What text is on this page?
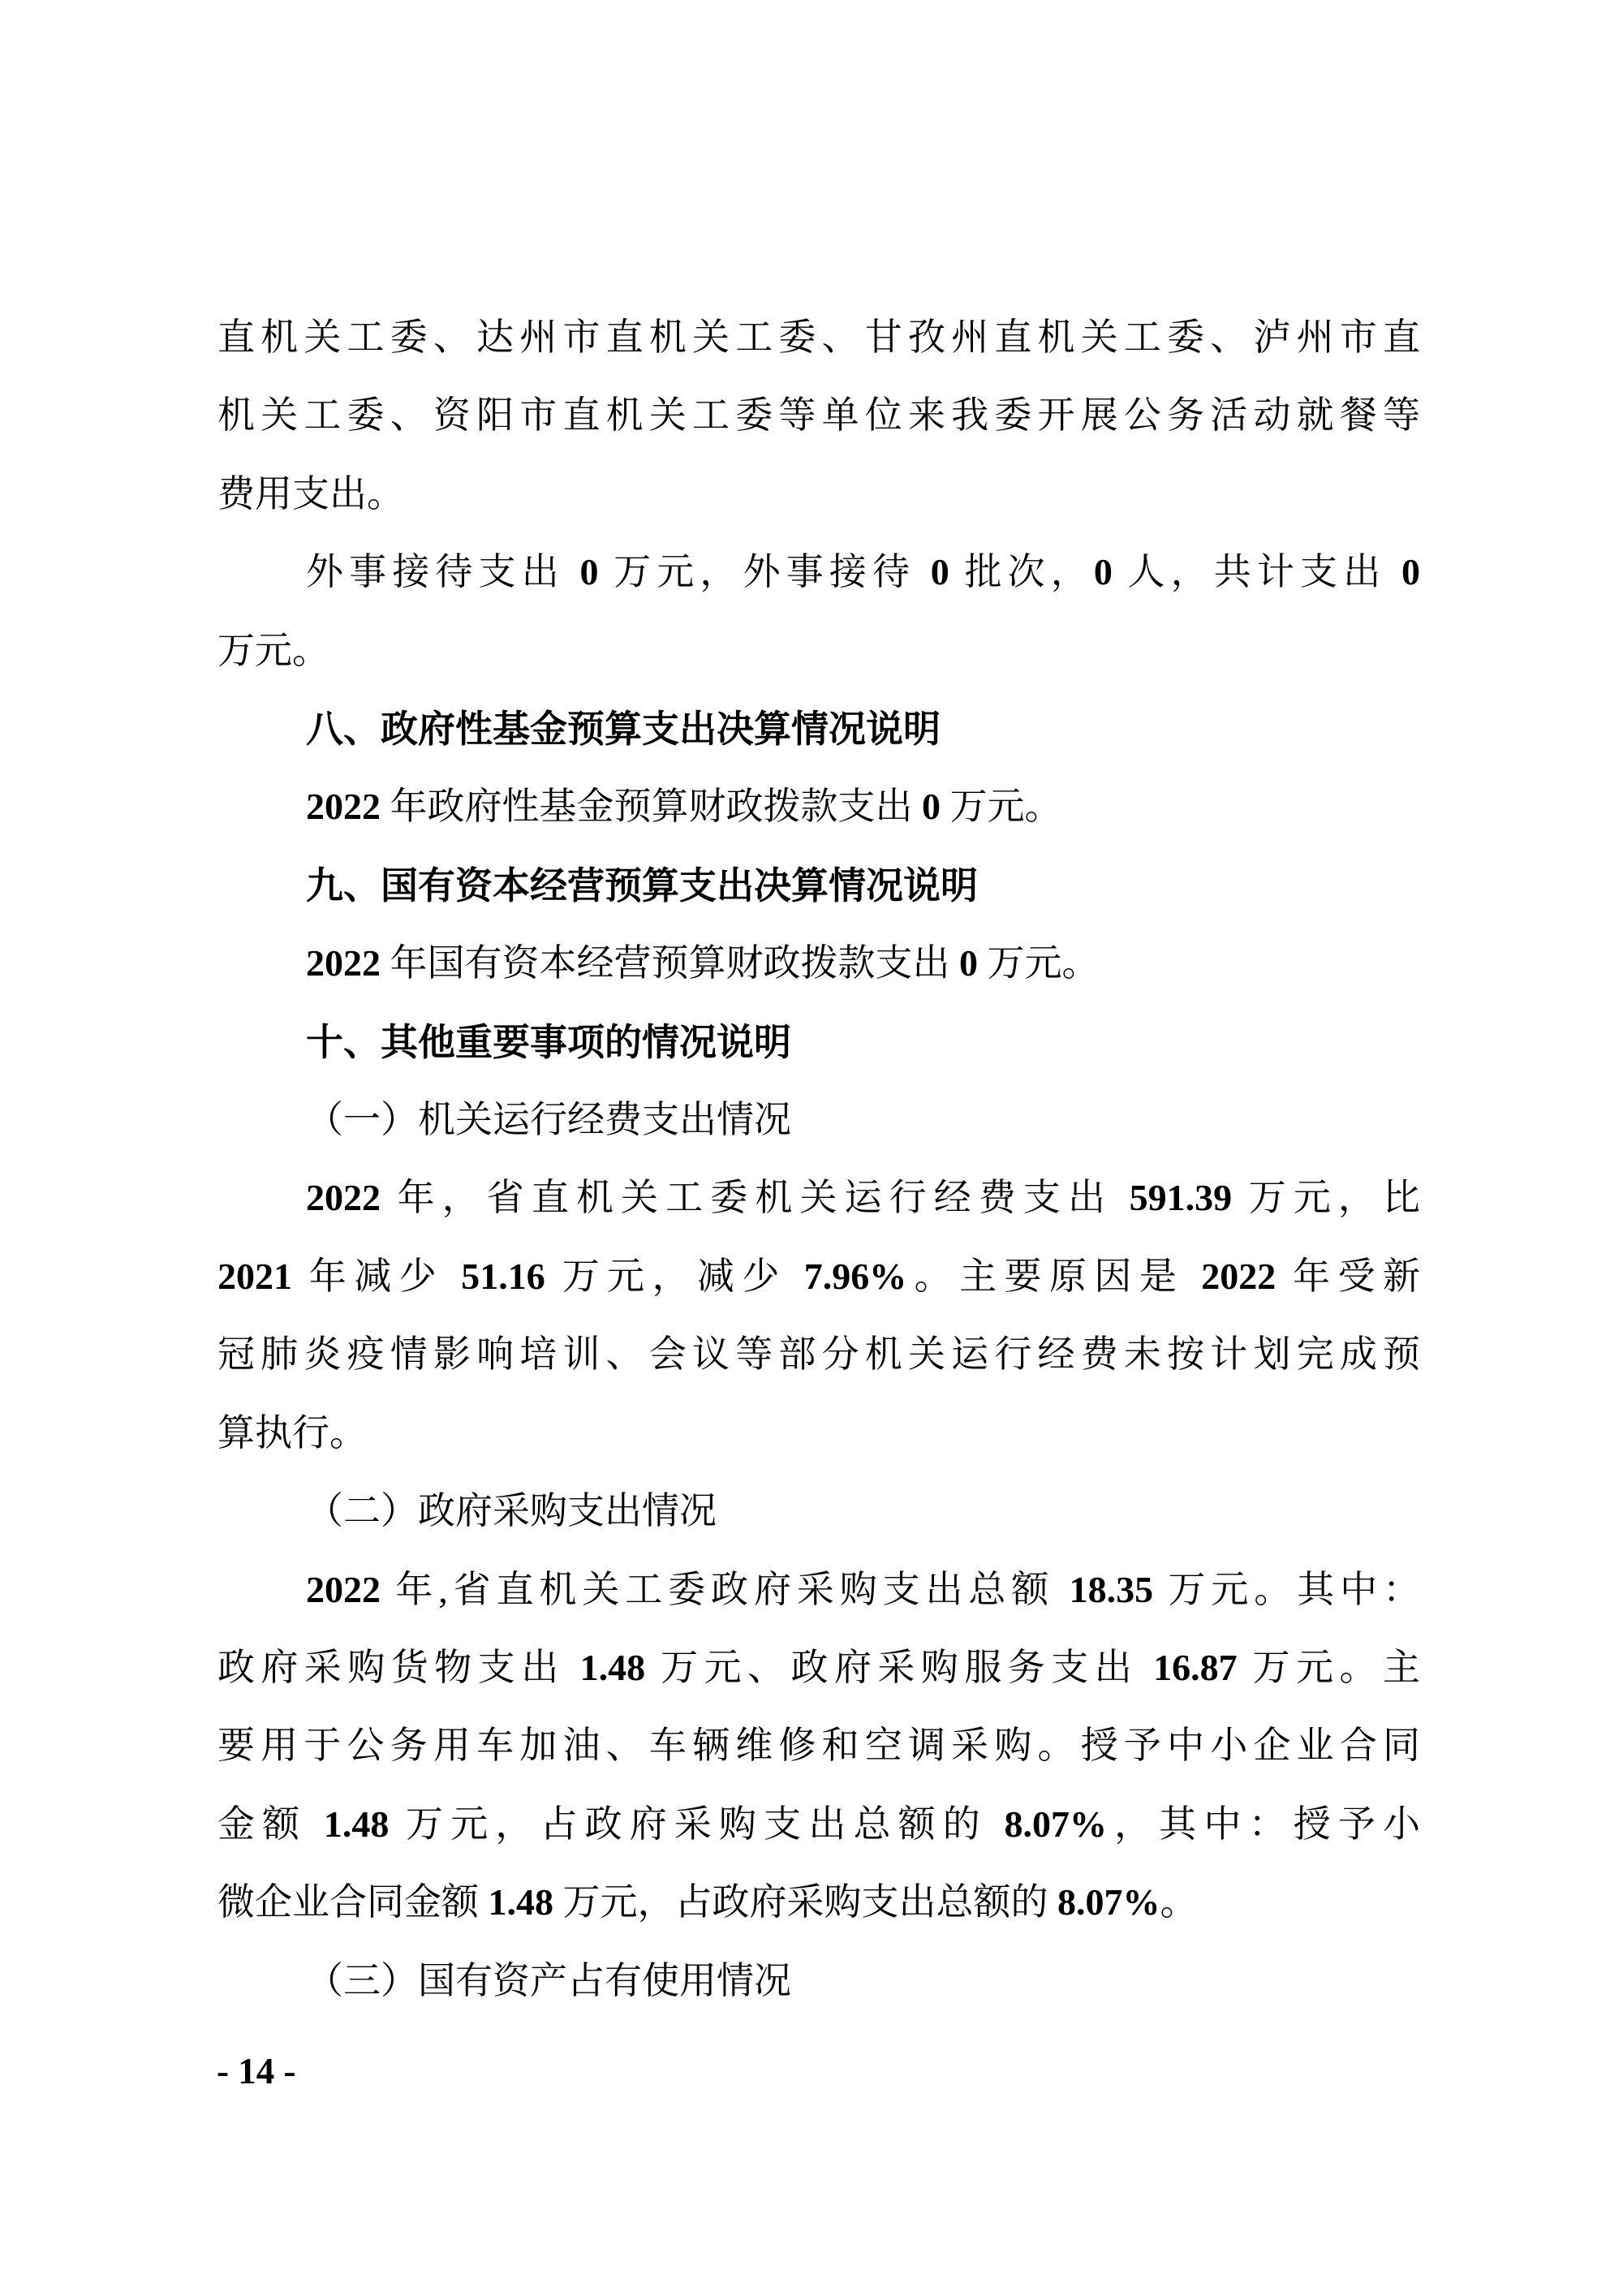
直机关工委、达州市直机关工委、甘孜州直机关工委、泸州市直
机关工委、资阳市直机关工委等单位来我委开展公务活动就餐等
费用支出。
外事接待支出 0 万元，外事接待 0 批次，0 人，共计支出 0
万元。
八、政府性基金预算支出决算情况说明
2022 年政府性基金预算财政拨款支出 0 万元。
九、国有资本经营预算支出决算情况说明
2022 年国有资本经营预算财政拨款支出 0 万元。
十、其他重要事项的情况说明
（一）机关运行经费支出情况
2022 年，省直机关工委机关运行经费支出 591.39 万元，比
2021 年减少 51.16 万元，减少 7.96%。主要原因是 2022 年受新
冠肺炎疫情影响培训、会议等部分机关运行经费未按计划完成预
算执行。
（二）政府采购支出情况
2022 年,省直机关工委政府采购支出总额 18.35 万元。其中：
政府采购货物支出 1.48 万元、政府采购服务支出 16.87 万元。主
要用于公务用车加油、车辆维修和空调采购。授予中小企业合同
金额 1.48 万元，占政府采购支出总额的 8.07%，其中：授予小
微企业合同金额 1.48 万元，占政府采购支出总额的 8.07%。
（三）国有资产占有使用情况
- 14 -
